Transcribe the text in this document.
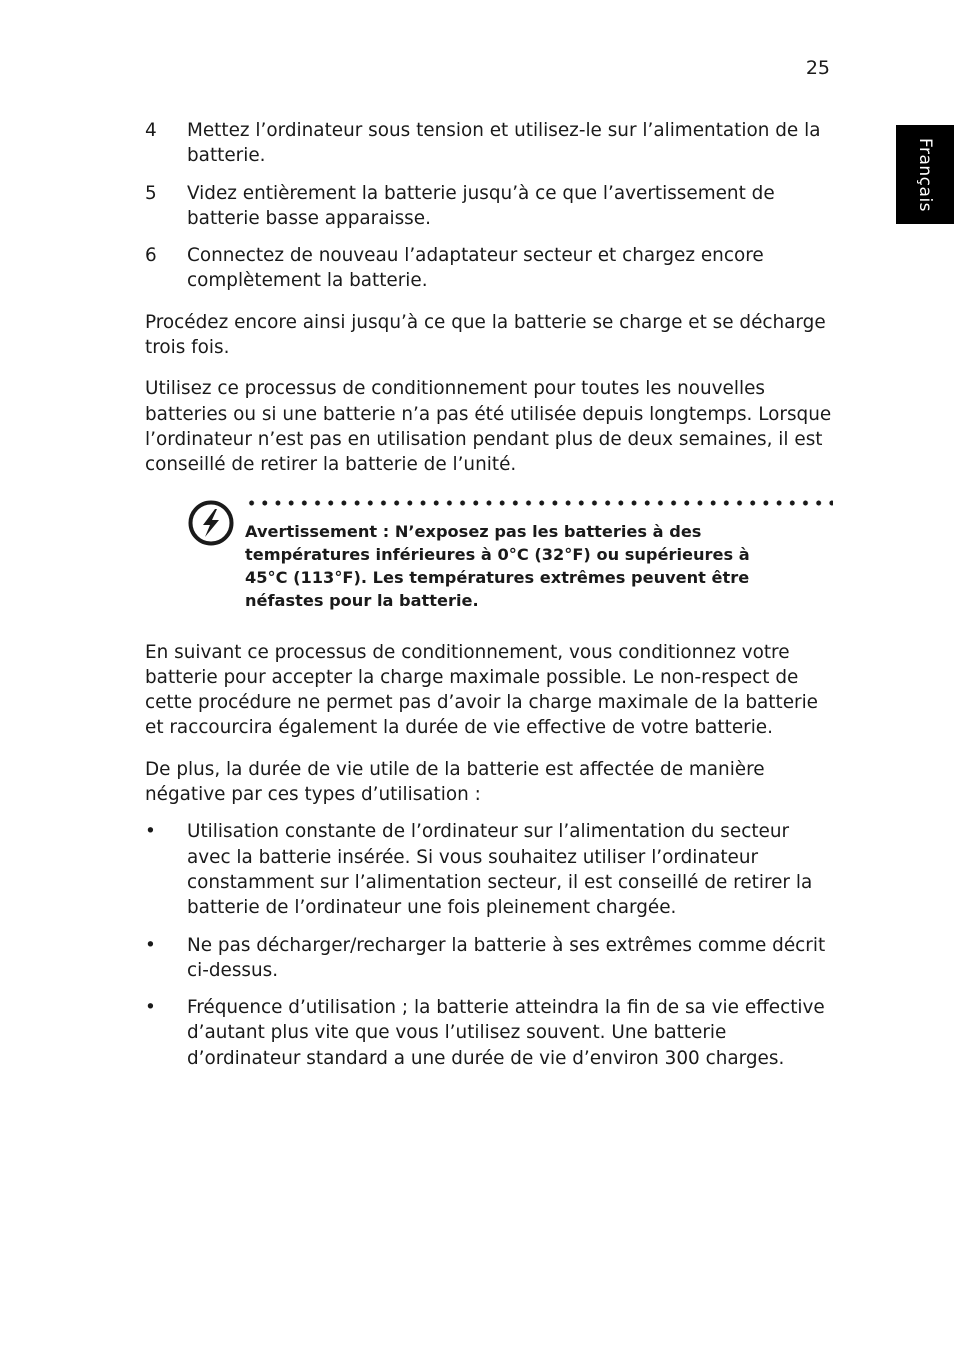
25
Français
4	Mettez l’ordinateur sous tension et utilisez-le sur l’alimentation de la batterie.
5	Videz entièrement la batterie jusqu’à ce que l’avertissement de batterie basse apparaisse.
6	Connectez de nouveau l’adaptateur secteur et chargez encore complètement la batterie.

Procédez encore ainsi jusqu’à ce que la batterie se charge et se décharge trois fois.

Utilisez ce processus de conditionnement pour toutes les nouvelles batteries ou si une batterie n’a pas été utilisée depuis longtemps. Lorsque l’ordinateur n’est pas en utilisation pendant plus de deux semaines, il est conseillé de retirer la batterie de l’unité.

Avertissement : N’exposez pas les batteries à des températures inférieures à 0°C (32°F) ou supérieures à 45°C (113°F). Les températures extrêmes peuvent être néfastes pour la batterie.

En suivant ce processus de conditionnement, vous conditionnez votre batterie pour accepter la charge maximale possible. Le non-respect de cette procédure ne permet pas d’avoir la charge maximale de la batterie et raccourcira également la durée de vie effective de votre batterie.

De plus, la durée de vie utile de la batterie est affectée de manière négative par ces types d’utilisation :

•	Utilisation constante de l’ordinateur sur l’alimentation du secteur avec la batterie insérée. Si vous souhaitez utiliser l’ordinateur constamment sur l’alimentation secteur, il est conseillé de retirer la batterie de l’ordinateur une fois pleinement chargée.
•	Ne pas décharger/recharger la batterie à ses extrêmes comme décrit ci-dessus.
•	Fréquence d’utilisation ; la batterie atteindra la fin de sa vie effective d’autant plus vite que vous l’utilisez souvent. Une batterie d’ordinateur standard a une durée de vie d’environ 300 charges.
